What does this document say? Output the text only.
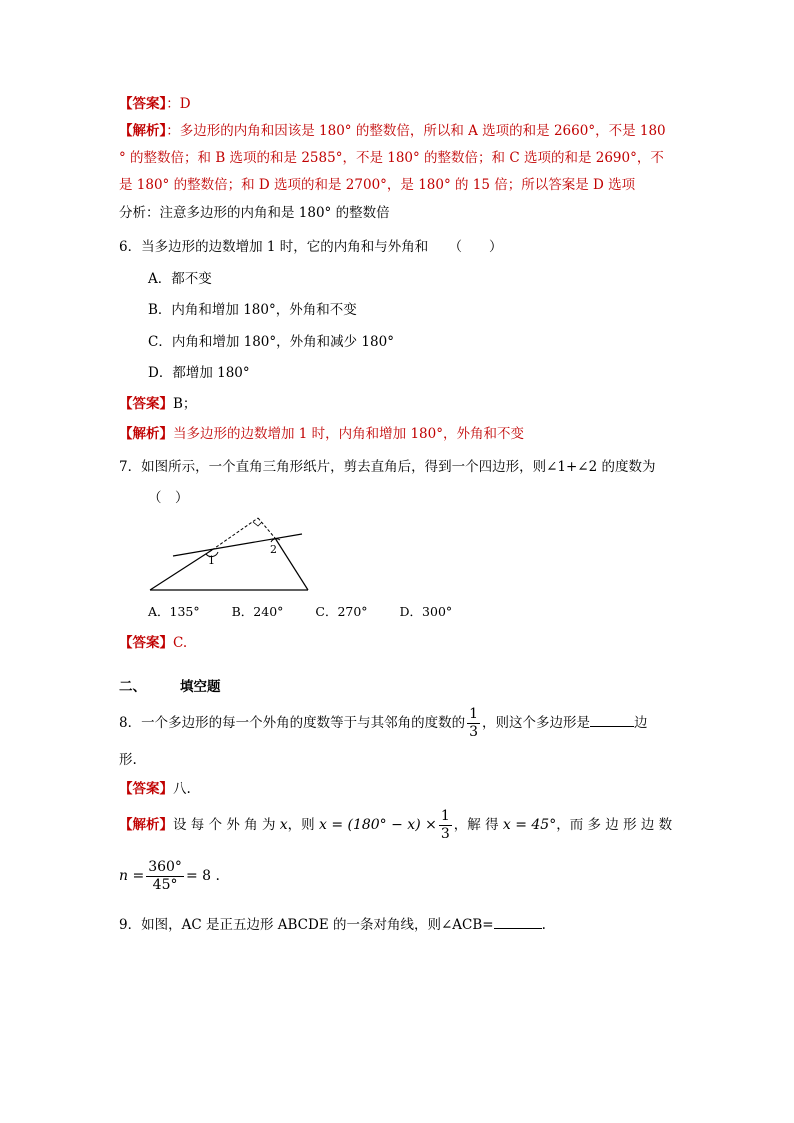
【答案】：D
【解析】：多边形的内角和因该是 180° 的整数倍，所以和 A 选项的和是 2660°，不是 180
° 的整数倍；和 B 选项的和是 2585°，不是 180° 的整数倍；和 C 选项的和是 2690°，不
是 180° 的整数倍；和 D 选项的和是 2700°，是 180° 的 15 倍；所以答案是 D 选项
分析：注意多边形的内角和是 180° 的整数倍
6．当多边形的边数增加 1 时，它的内角和与外角和　　（　　）
A．都不变
B．内角和增加 180°，外角和不变
C．内角和增加 180°，外角和减少 180°
D．都增加 180°
【答案】B；
【解析】当多边形的边数增加 1 时，内角和增加 180°，外角和不变
7．如图所示，一个直角三角形纸片，剪去直角后，得到一个四边形，则∠1+∠2 的度数为
（　）
1
2
A．135°	B．240°	C．270°	D．300°
【答案】C.
二、	填空题
8．一个多边形的每一个外角的度数等于与其邻角的度数的 $\frac{1}{3}$ ，则这个多边形是	边
形.
【答案】八.
【解析】设 每 个 外 角 为 x，则 $x = (180^\circ - x) \times \frac{1}{3}$ ，解 得 x = 45°，而 多 边 形 边 数
$n = \frac{360^\circ}{45^\circ} = 8$ .
9．如图，AC 是正五边形 ABCDE 的一条对角线，则∠ACB=	.
